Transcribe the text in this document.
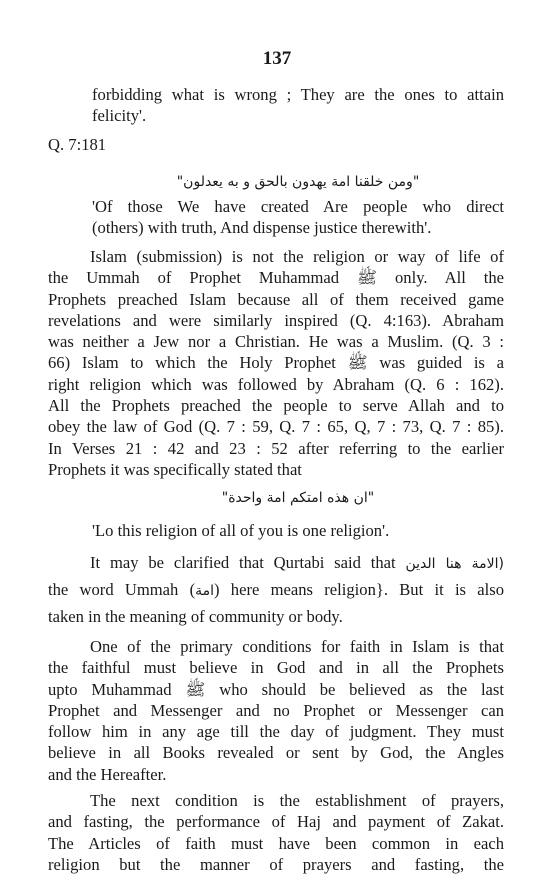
137

forbidding what is wrong ; They are the ones to attain

felicity'.

Q. 7:181

"ومن خلقنا امة يهدون بالحق و به يعدلون"

'Of those We have created Are people who direct

(others) with truth, And dispense justice therewith'.

Islam (submission) is not the religion or way of life of

the Ummah of Prophet Muhammad ﷺ only. All the

Prophets preached Islam because all of them received game

revelations and were similarly inspired (Q. 4:163). Abraham

was neither a Jew nor a Christian. He was a Muslim. (Q. 3 :

66) Islam to which the Holy Prophet ﷺ was guided is a

right religion which was followed by Abraham (Q. 6 : 162).

All the Prophets preached the people to serve Allah and to

obey the law of God (Q. 7 : 59, Q. 7 : 65, Q, 7 : 73, Q. 7 : 85).

In Verses 21 : 42 and 23 : 52 after referring to the earlier

Prophets it was specifically stated that

"ان هذه امتكم امة واحدة"

'Lo this religion of all of you is one religion'.

It may be clarified that Qurtabi said that (الامة هنا الدين

the word Ummah (امة) here means religion}. But it is also

taken in the meaning of community or body.

One of the primary conditions for faith in Islam is that

the faithful must believe in God and in all the Prophets

upto Muhammad ﷺ who should be believed as the last

Prophet and Messenger and no Prophet or Messenger can

follow him in any age till the day of judgment. They must

believe in all Books revealed or sent by God, the Angles

and the Hereafter.

The next condition is the establishment of prayers,

and fasting, the performance of Haj and payment of Zakat.

The Articles of faith must have been common in each

religion but the manner of prayers and fasting, the
